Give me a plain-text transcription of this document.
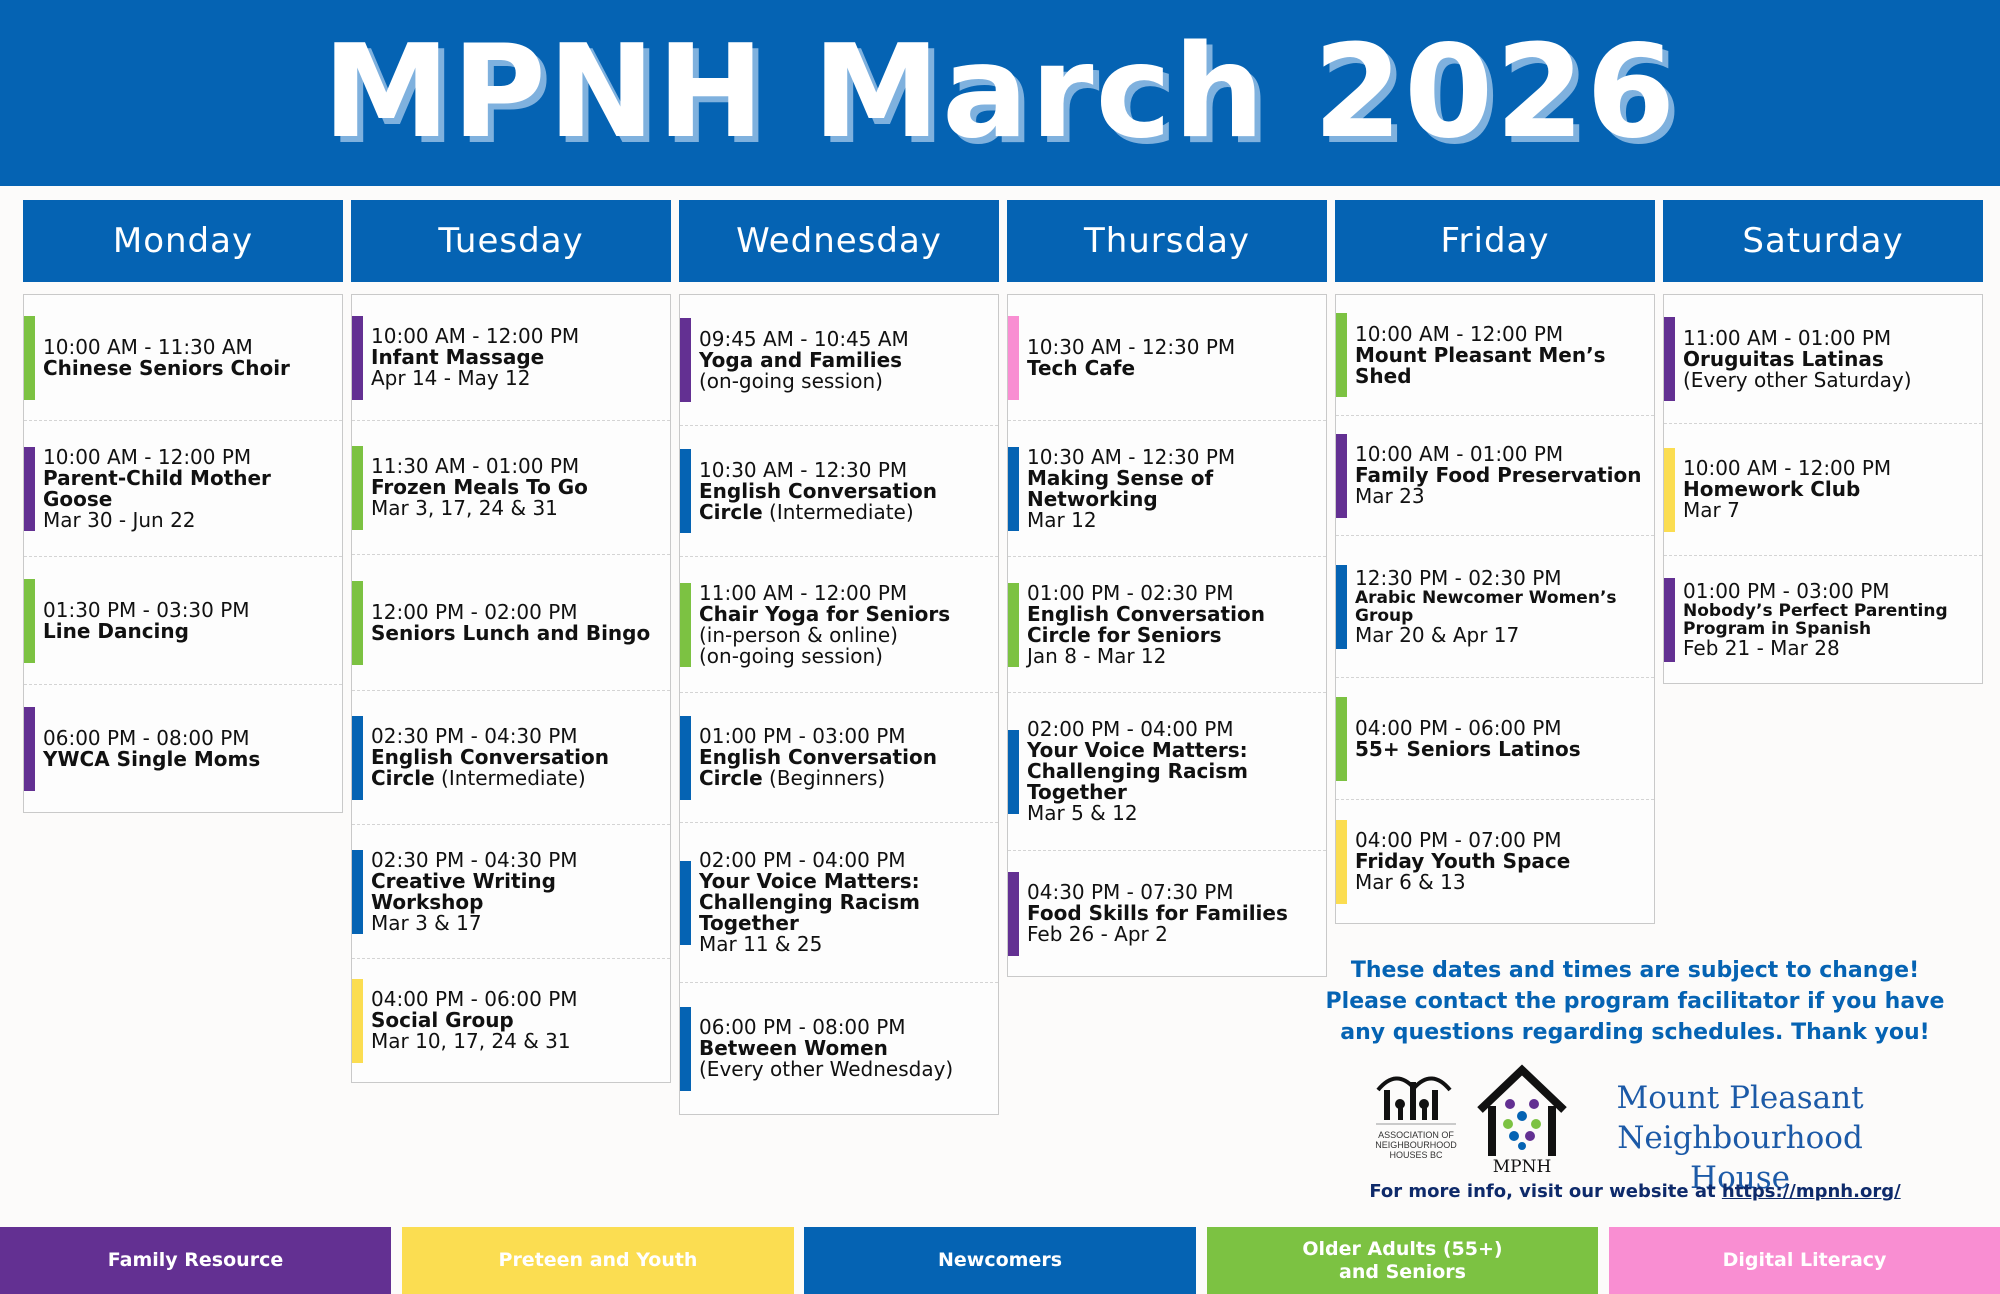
MPNH March 2026
Monday
10:00 AM - 11:30 AM
Chinese Seniors Choir
10:00 AM - 12:00 PM
Parent-Child Mother Goose
Mar 30 - Jun 22
01:30 PM - 03:30 PM
Line Dancing
06:00 PM - 08:00 PM
YWCA Single Moms
Tuesday
10:00 AM - 12:00 PM
Infant Massage
Apr 14 - May 12
11:30 AM - 01:00 PM
Frozen Meals To Go
Mar 3, 17, 24 & 31
12:00 PM - 02:00 PM
Seniors Lunch and Bingo
02:30 PM - 04:30 PM
English Conversation Circle (Intermediate)
02:30 PM - 04:30 PM
Creative Writing Workshop
Mar 3 & 17
04:00 PM - 06:00 PM
Social Group
Mar 10, 17, 24 & 31
Wednesday
09:45 AM - 10:45 AM
Yoga and Families
(on-going session)
10:30 AM - 12:30 PM
English Conversation Circle (Intermediate)
11:00 AM - 12:00 PM
Chair Yoga for Seniors
(in-person & online)
(on-going session)
01:00 PM - 03:00 PM
English Conversation Circle (Beginners)
02:00 PM - 04:00 PM
Your Voice Matters: Challenging Racism Together
Mar 11 & 25
06:00 PM - 08:00 PM
Between Women
(Every other Wednesday)
Thursday
10:30 AM - 12:30 PM
Tech Cafe
10:30 AM - 12:30 PM
Making Sense of Networking
Mar 12
01:00 PM - 02:30 PM
English Conversation Circle for Seniors
Jan 8 - Mar 12
02:00 PM - 04:00 PM
Your Voice Matters: Challenging Racism Together
Mar 5 & 12
04:30 PM - 07:30 PM
Food Skills for Families
Feb 26 - Apr 2
Friday
10:00 AM - 12:00 PM
Mount Pleasant Men’s Shed
10:00 AM - 01:00 PM
Family Food Preservation
Mar 23
12:30 PM - 02:30 PM
Arabic Newcomer Women’s Group
Mar 20 & Apr 17
04:00 PM - 06:00 PM
55+ Seniors Latinos
04:00 PM - 07:00 PM
Friday Youth Space
Mar 6 & 13
Saturday
11:00 AM - 01:00 PM
Oruguitas Latinas
(Every other Saturday)
10:00 AM - 12:00 PM
Homework Club
Mar 7
01:00 PM - 03:00 PM
Nobody’s Perfect Parenting Program in Spanish
Feb 21 - Mar 28
These dates and times are subject to change!
Please contact the program facilitator if you have
any questions regarding schedules. Thank you!
ASSOCIATION OF
NEIGHBOURHOOD
HOUSES BC
MPNH
Mount Pleasant
Neighbourhood House
For more info, visit our website at https://mpnh.org/
Family Resource	Preteen and Youth	Newcomers
Older Adults (55+)
and Seniors
Digital Literacy
